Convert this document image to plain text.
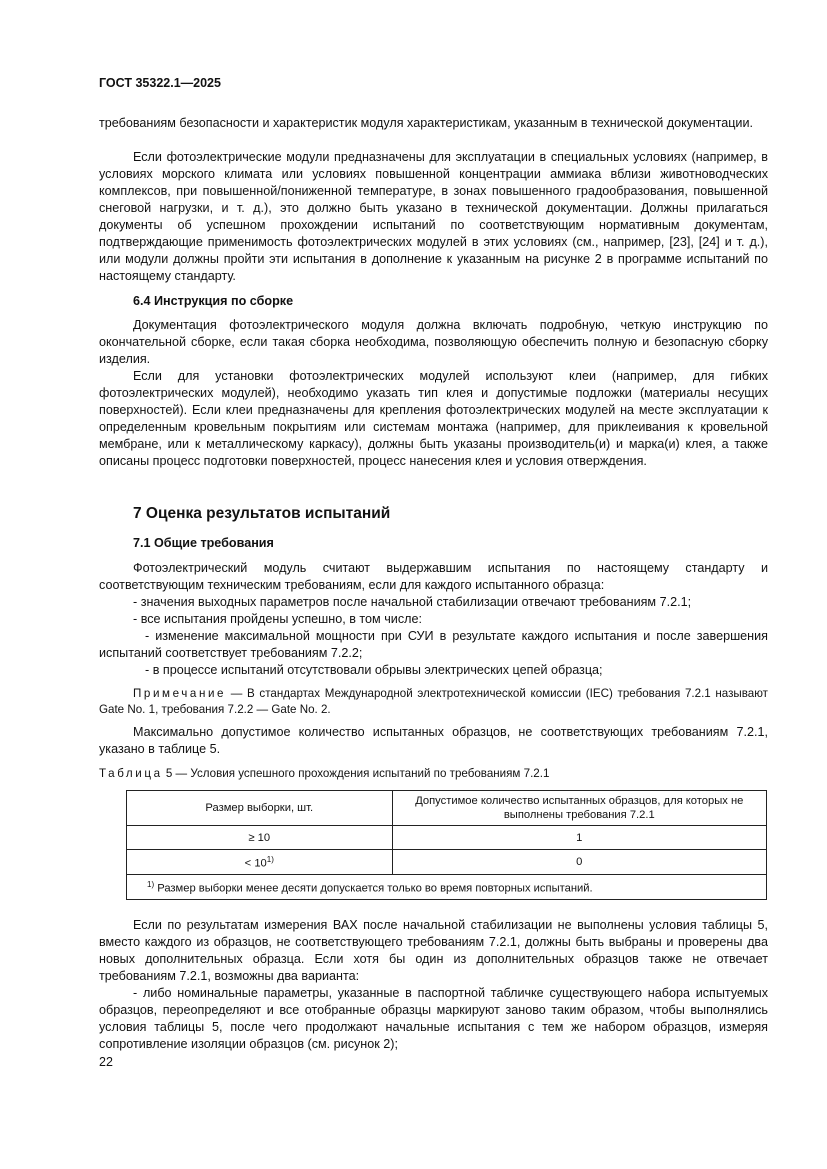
ГОСТ 35322.1—2025

требованиям безопасности и характеристик модуля характеристикам, указанным в технической документации.

Если фотоэлектрические модули предназначены для эксплуатации в специальных условиях (например, в условиях морского климата или условиях повышенной концентрации аммиака вблизи животноводческих комплексов, при повышенной/пониженной температуре, в зонах повышенного градообразования, повышенной снеговой нагрузки, и т. д.), это должно быть указано в технической документации. Должны прилагаться документы об успешном прохождении испытаний по соответствующим нормативным документам, подтверждающие применимость фотоэлектрических модулей в этих условиях (см., например, [23], [24] и т. д.), или модули должны пройти эти испытания в дополнение к указанным на рисунке 2 в программе испытаний по настоящему стандарту.

6.4 Инструкция по сборке

Документация фотоэлектрического модуля должна включать подробную, четкую инструкцию по окончательной сборке, если такая сборка необходима, позволяющую обеспечить полную и безопасную сборку изделия.

Если для установки фотоэлектрических модулей используют клеи (например, для гибких фотоэлектрических модулей), необходимо указать тип клея и допустимые подложки (материалы несущих поверхностей). Если клеи предназначены для крепления фотоэлектрических модулей на месте эксплуатации к определенным кровельным покрытиям или системам монтажа (например, для приклеивания к кровельной мембране, или к металлическому каркасу), должны быть указаны производитель(и) и марка(и) клея, а также описаны процесс подготовки поверхностей, процесс нанесения клея и условия отверждения.

7 Оценка результатов испытаний

7.1 Общие требования

Фотоэлектрический модуль считают выдержавшим испытания по настоящему стандарту и соответствующим техническим требованиям, если для каждого испытанного образца:

- значения выходных параметров после начальной стабилизации отвечают требованиям 7.2.1;

- все испытания пройдены успешно, в том числе:

- изменение максимальной мощности при СУИ в результате каждого испытания и после завершения испытаний соответствует требованиям 7.2.2;

- в процессе испытаний отсутствовали обрывы электрических цепей образца;

Примечание — В стандартах Международной электротехнической комиссии (IEC) требования 7.2.1 называют Gate No. 1, требования 7.2.2 — Gate No. 2.

Максимально допустимое количество испытанных образцов, не соответствующих требованиям 7.2.1, указано в таблице 5.

Таблица 5 — Условия успешного прохождения испытаний по требованиям 7.2.1

Размер выборки, шт.	Допустимое количество испытанных образцов, для которых не выполнены требования 7.2.1
≥ 10	1
< $10^{1)}$	0
$^{1)}$ Размер выборки менее десяти допускается только во время повторных испытаний.	

Если по результатам измерения ВАХ после начальной стабилизации не выполнены условия таблицы 5, вместо каждого из образцов, не соответствующего требованиям 7.2.1, должны быть выбраны и проверены два новых дополнительных образца. Если хотя бы один из дополнительных образцов также не отвечает требованиям 7.2.1, возможны два варианта:

- либо номинальные параметры, указанные в паспортной табличке существующего набора испытуемых образцов, переопределяют и все отобранные образцы маркируют заново таким образом, чтобы выполнялись условия таблицы 5, после чего продолжают начальные испытания с тем же набором образцов, измеряя сопротивление изоляции образцов (см. рисунок 2);

22
